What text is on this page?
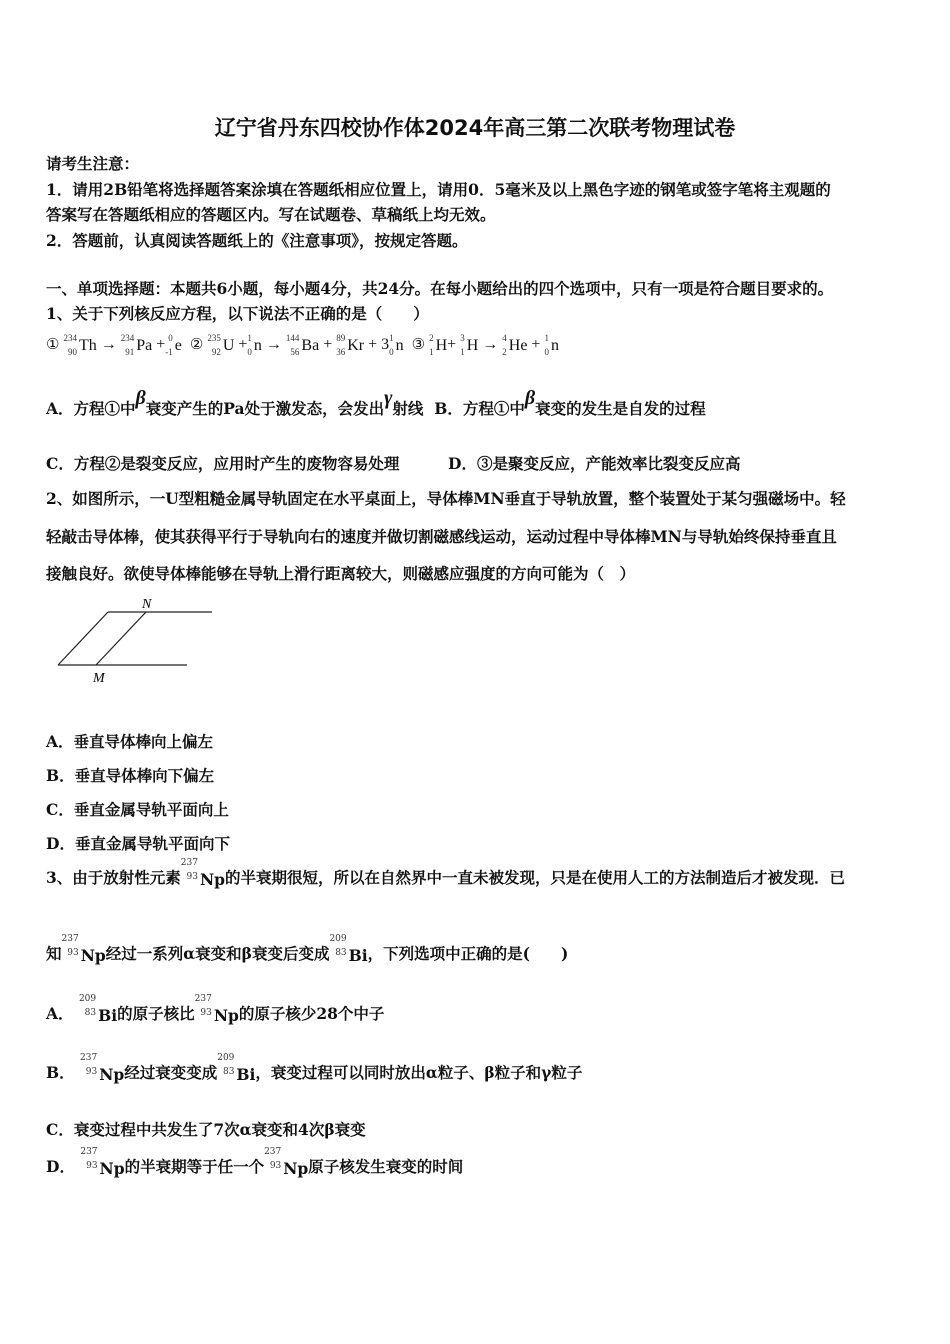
辽宁省丹东四校协作体2024年高三第二次联考物理试卷
请考生注意：
1．请用2B铅笔将选择题答案涂填在答题纸相应位置上，请用0．5毫米及以上黑色字迹的钢笔或签字笔将主观题的
答案写在答题纸相应的答题区内。写在试题卷、草稿纸上均无效。
2．答题前，认真阅读答题纸上的《注意事项》，按规定答题。
一、单项选择题：本题共6小题，每小题4分，共24分。在每小题给出的四个选项中，只有一项是符合题目要求的。
1、关于下列核反应方程，以下说法不正确的是（　　）
① 234
90 Th → 234
91 Pa + 0
-1 e ② 235
92 U + 1
0 n → 144
56 Ba + 89
36 Kr + 3 1
0 n ③ 2
1 H + 3
1 H → 4
2 He + 1
0 n
A．方程①中β衰变产生的Pa处于激发态，会发出γ射线 B．方程①中β衰变的发生是自发的过程
C．方程②是裂变反应，应用时产生的废物容易处理	D．③是聚变反应，产能效率比裂变反应高
2、如图所示，一U型粗糙金属导轨固定在水平桌面上，导体棒MN垂直于导轨放置，整个装置处于某匀强磁场中。轻
轻敲击导体棒，使其获得平行于导轨向右的速度并做切割磁感线运动，运动过程中导体棒MN与导轨始终保持垂直且
接触良好。欲使导体棒能够在导轨上滑行距离较大，则磁感应强度的方向可能为（　）
N
M
A．垂直导体棒向上偏左
B．垂直导体棒向下偏左
C．垂直金属导轨平面向上
D．垂直金属导轨平面向下
3、由于放射性元素
237
93 Np 的半衰期很短，所以在自然界中一直未被发现，只是在使用人工的方法制造后才被发现．已
知
237
93 Np 经过一系列α衰变和β衰变后变成
209
83 Bi ，下列选项中正确的是(　　)
A．
209
83 Bi 的原子核比
237
93 Np 的原子核少28个中子
B．
237
93 Np 经过衰变变成
209
83 Bi ，衰变过程可以同时放出α粒子、β粒子和γ粒子
C．衰变过程中共发生了7次α衰变和4次β衰变
D．
237
93 Np 的半衰期等于任一个
237
93 Np 原子核发生衰变的时间
